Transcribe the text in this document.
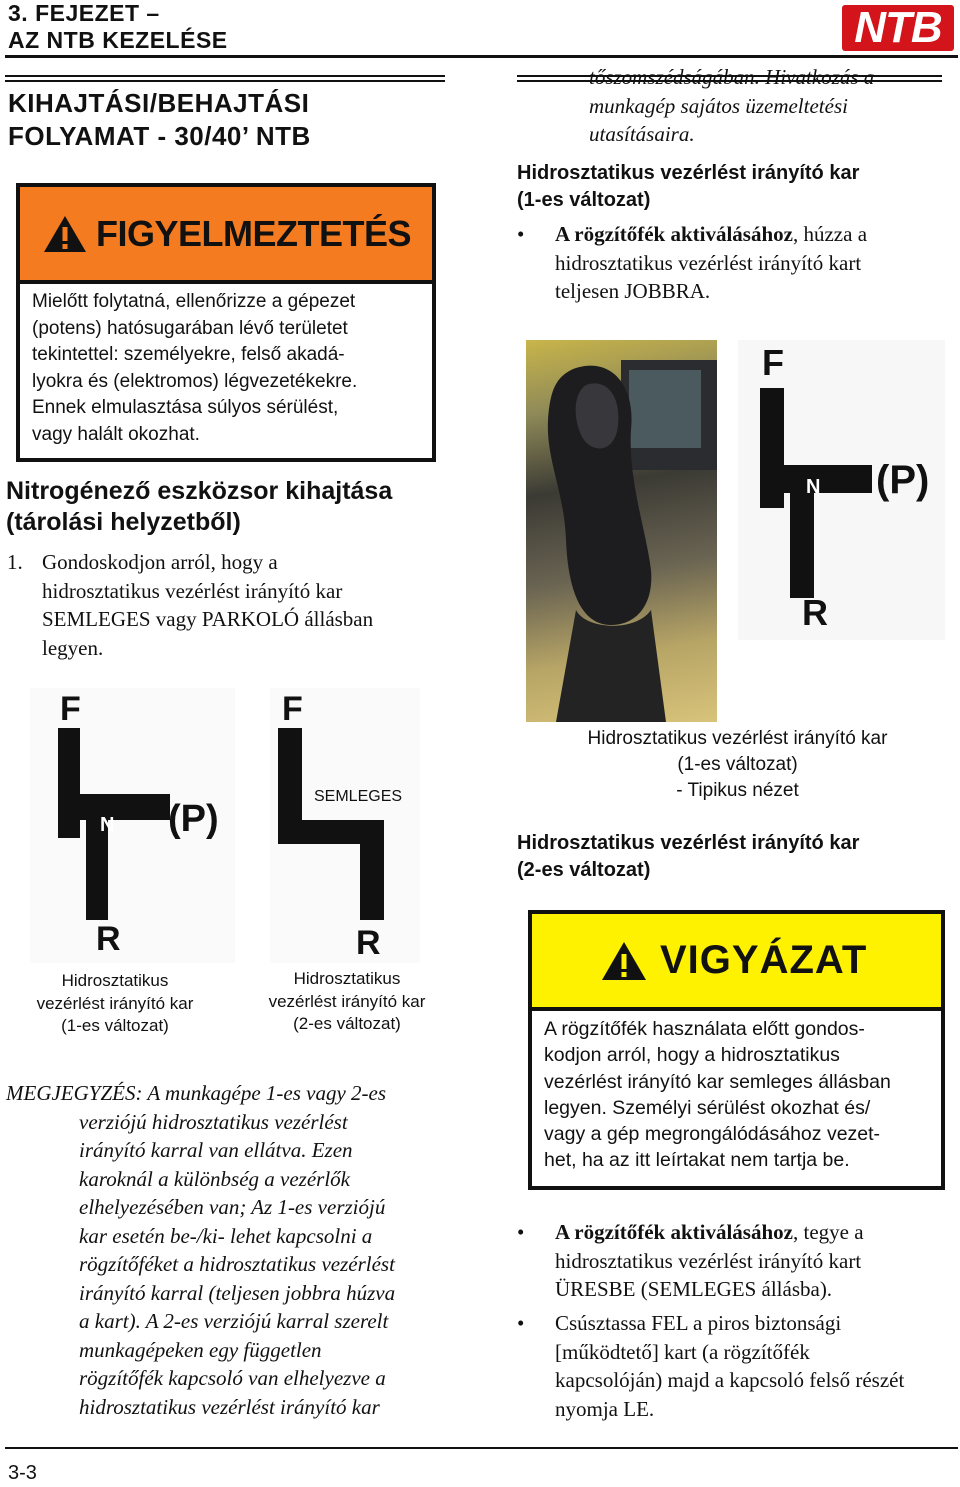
3. FEJEZET –
AZ NTB KEZELÉSE	NTB
KIHAJTÁSI/BEHAJTÁSI
FOLYAMAT - 30/40’ NTB
FIGYELMEZTETÉS
Mielőtt folytatná, ellenőrizze a gépezet
(potens) hatósugarában lévő területet
tekintettel: személyekre, felső akadá-
lyokra és (elektromos) légvezetékekre.
Ennek elmulasztása súlyos sérülést,
vagy halált okozhat.
Nitrogénező eszközsor kihajtása
(tárolási helyzetből)
1. Gondoskodjon arról, hogy a
hidrosztatikus vezérlést irányító kar
SEMLEGES vagy PARKOLÓ állásban
legyen.
F
N (P)
R
F
SEMLEGES
R
Hidrosztatikus
vezérlést irányító kar
(1-es változat)
Hidrosztatikus
vezérlést irányító kar
(2-es változat)
MEGJEGYZÉS: A munkagépe 1-es vagy 2-es
verziójú hidrosztatikus vezérlést
irányító karral van ellátva. Ezen
karoknál a különbség a vezérlők
elhelyezésében van; Az 1-es verziójú
kar esetén be-/ki- lehet kapcsolni a
rögzítőféket a hidrosztatikus vezérlést
irányító karral (teljesen jobbra húzva
a kart). A 2-es verziójú karral szerelt
munkagépeken egy független
rögzítőfék kapcsoló van elhelyezve a
hidrosztatikus vezérlést irányító kar
tőszomszédságában. Hivatkozás a
munkagép sajátos üzemeltetési
utasításaira.
Hidrosztatikus vezérlést irányító kar
(1-es változat)
• A rögzítőfék aktiválásához, húzza a
hidrosztatikus vezérlést irányító kart
teljesen JOBBRA.
F
N (P)
R
Hidrosztatikus vezérlést irányító kar
(1-es változat)
- Tipikus nézet
Hidrosztatikus vezérlést irányító kar
(2-es változat)
VIGYÁZAT
A rögzítőfék használata előtt gondos-
kodjon arról, hogy a hidrosztatikus
vezérlést irányító kar semleges állásban
legyen. Személyi sérülést okozhat és/
vagy a gép megrongálódásához vezet-
het, ha az itt leírtakat nem tartja be.
• A rögzítőfék aktiválásához, tegye a
hidrosztatikus vezérlést irányító kart
ÜRESBE (SEMLEGES állásba).
• Csúsztassa FEL a piros biztonsági
[működtető] kart (a rögzítőfék
kapcsolóján) majd a kapcsoló felső részét
nyomja LE.
3-3
